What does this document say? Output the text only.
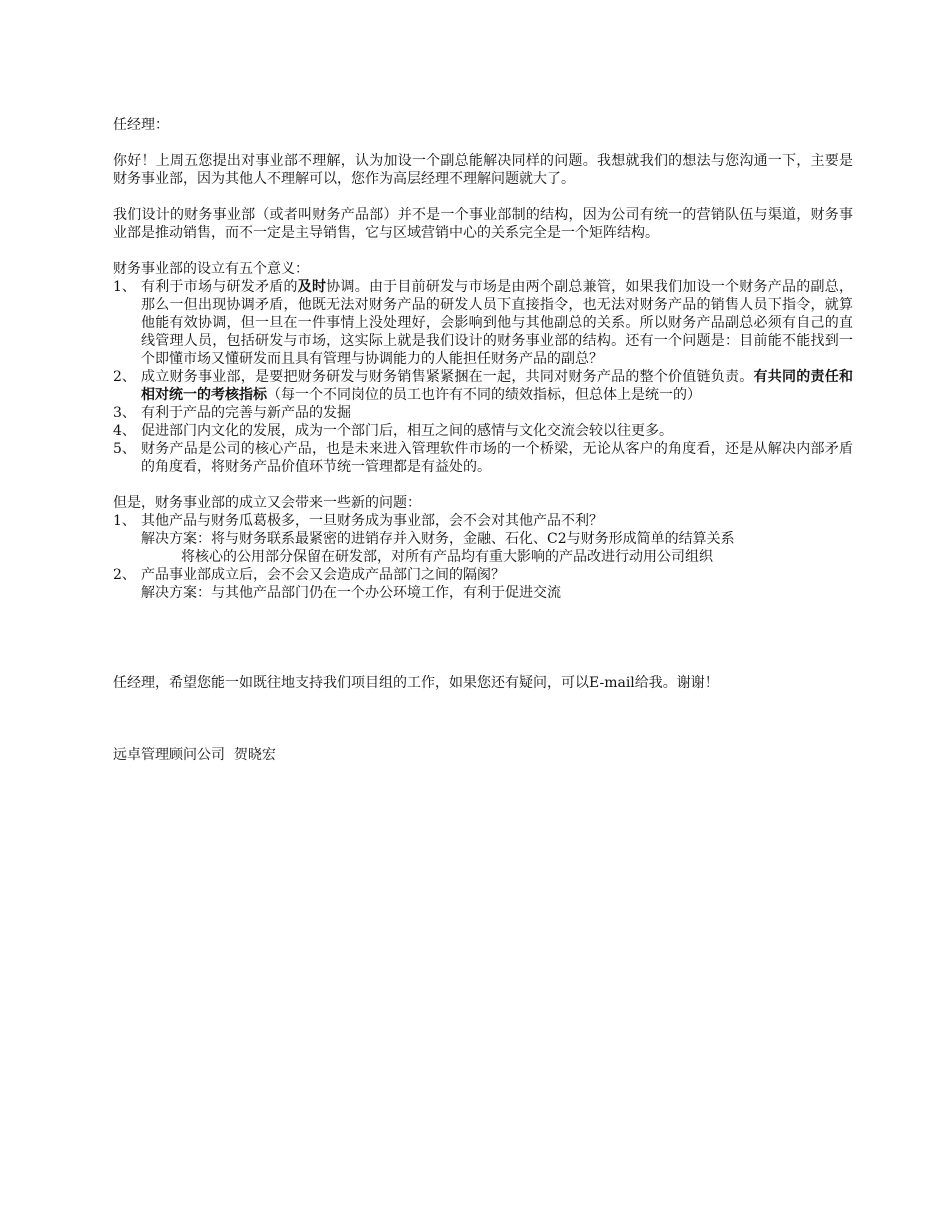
任经理：

你好！上周五您提出对事业部不理解，认为加设一个副总能解决同样的问题。我想就我们的想法与您沟通一下，主要是财务事业部，因为其他人不理解可以，您作为高层经理不理解问题就大了。

我们设计的财务事业部（或者叫财务产品部）并不是一个事业部制的结构，因为公司有统一的营销队伍与渠道，财务事业部是推动销售，而不一定是主导销售，它与区域营销中心的关系完全是一个矩阵结构。

财务事业部的设立有五个意义：

1、 有利于市场与研发矛盾的及时协调。由于目前研发与市场是由两个副总兼管，如果我们加设一个财务产品的副总，那么一但出现协调矛盾，他既无法对财务产品的研发人员下直接指令，也无法对财务产品的销售人员下指令，就算他能有效协调，但一旦在一件事情上没处理好，会影响到他与其他副总的关系。所以财务产品副总必须有自己的直线管理人员，包括研发与市场，这实际上就是我们设计的财务事业部的结构。还有一个问题是：目前能不能找到一个即懂市场又懂研发而且具有管理与协调能力的人能担任财务产品的副总？
2、 成立财务事业部，是要把财务研发与财务销售紧紧捆在一起，共同对财务产品的整个价值链负责。有共同的责任和相对统一的考核指标（每一个不同岗位的员工也许有不同的绩效指标，但总体上是统一的）
3、 有利于产品的完善与新产品的发掘
4、 促进部门内文化的发展，成为一个部门后，相互之间的感情与文化交流会较以往更多。
5、 财务产品是公司的核心产品，也是未来进入管理软件市场的一个桥梁，无论从客户的角度看，还是从解决内部矛盾的角度看，将财务产品价值环节统一管理都是有益处的。

但是，财务事业部的成立又会带来一些新的问题：

1、 其他产品与财务瓜葛极多，一旦财务成为事业部，会不会对其他产品不利？

解决方案：将与财务联系最紧密的进销存并入财务，金融、石化、C2与财务形成简单的结算关系

将核心的公用部分保留在研发部，对所有产品均有重大影响的产品改进行动用公司组织

2、 产品事业部成立后，会不会又会造成产品部门之间的隔阂？

解决方案：与其他产品部门仍在一个办公环境工作，有利于促进交流

任经理，希望您能一如既往地支持我们项目组的工作，如果您还有疑问，可以E-mail给我。谢谢！

远卓管理顾问公司  贺晓宏
